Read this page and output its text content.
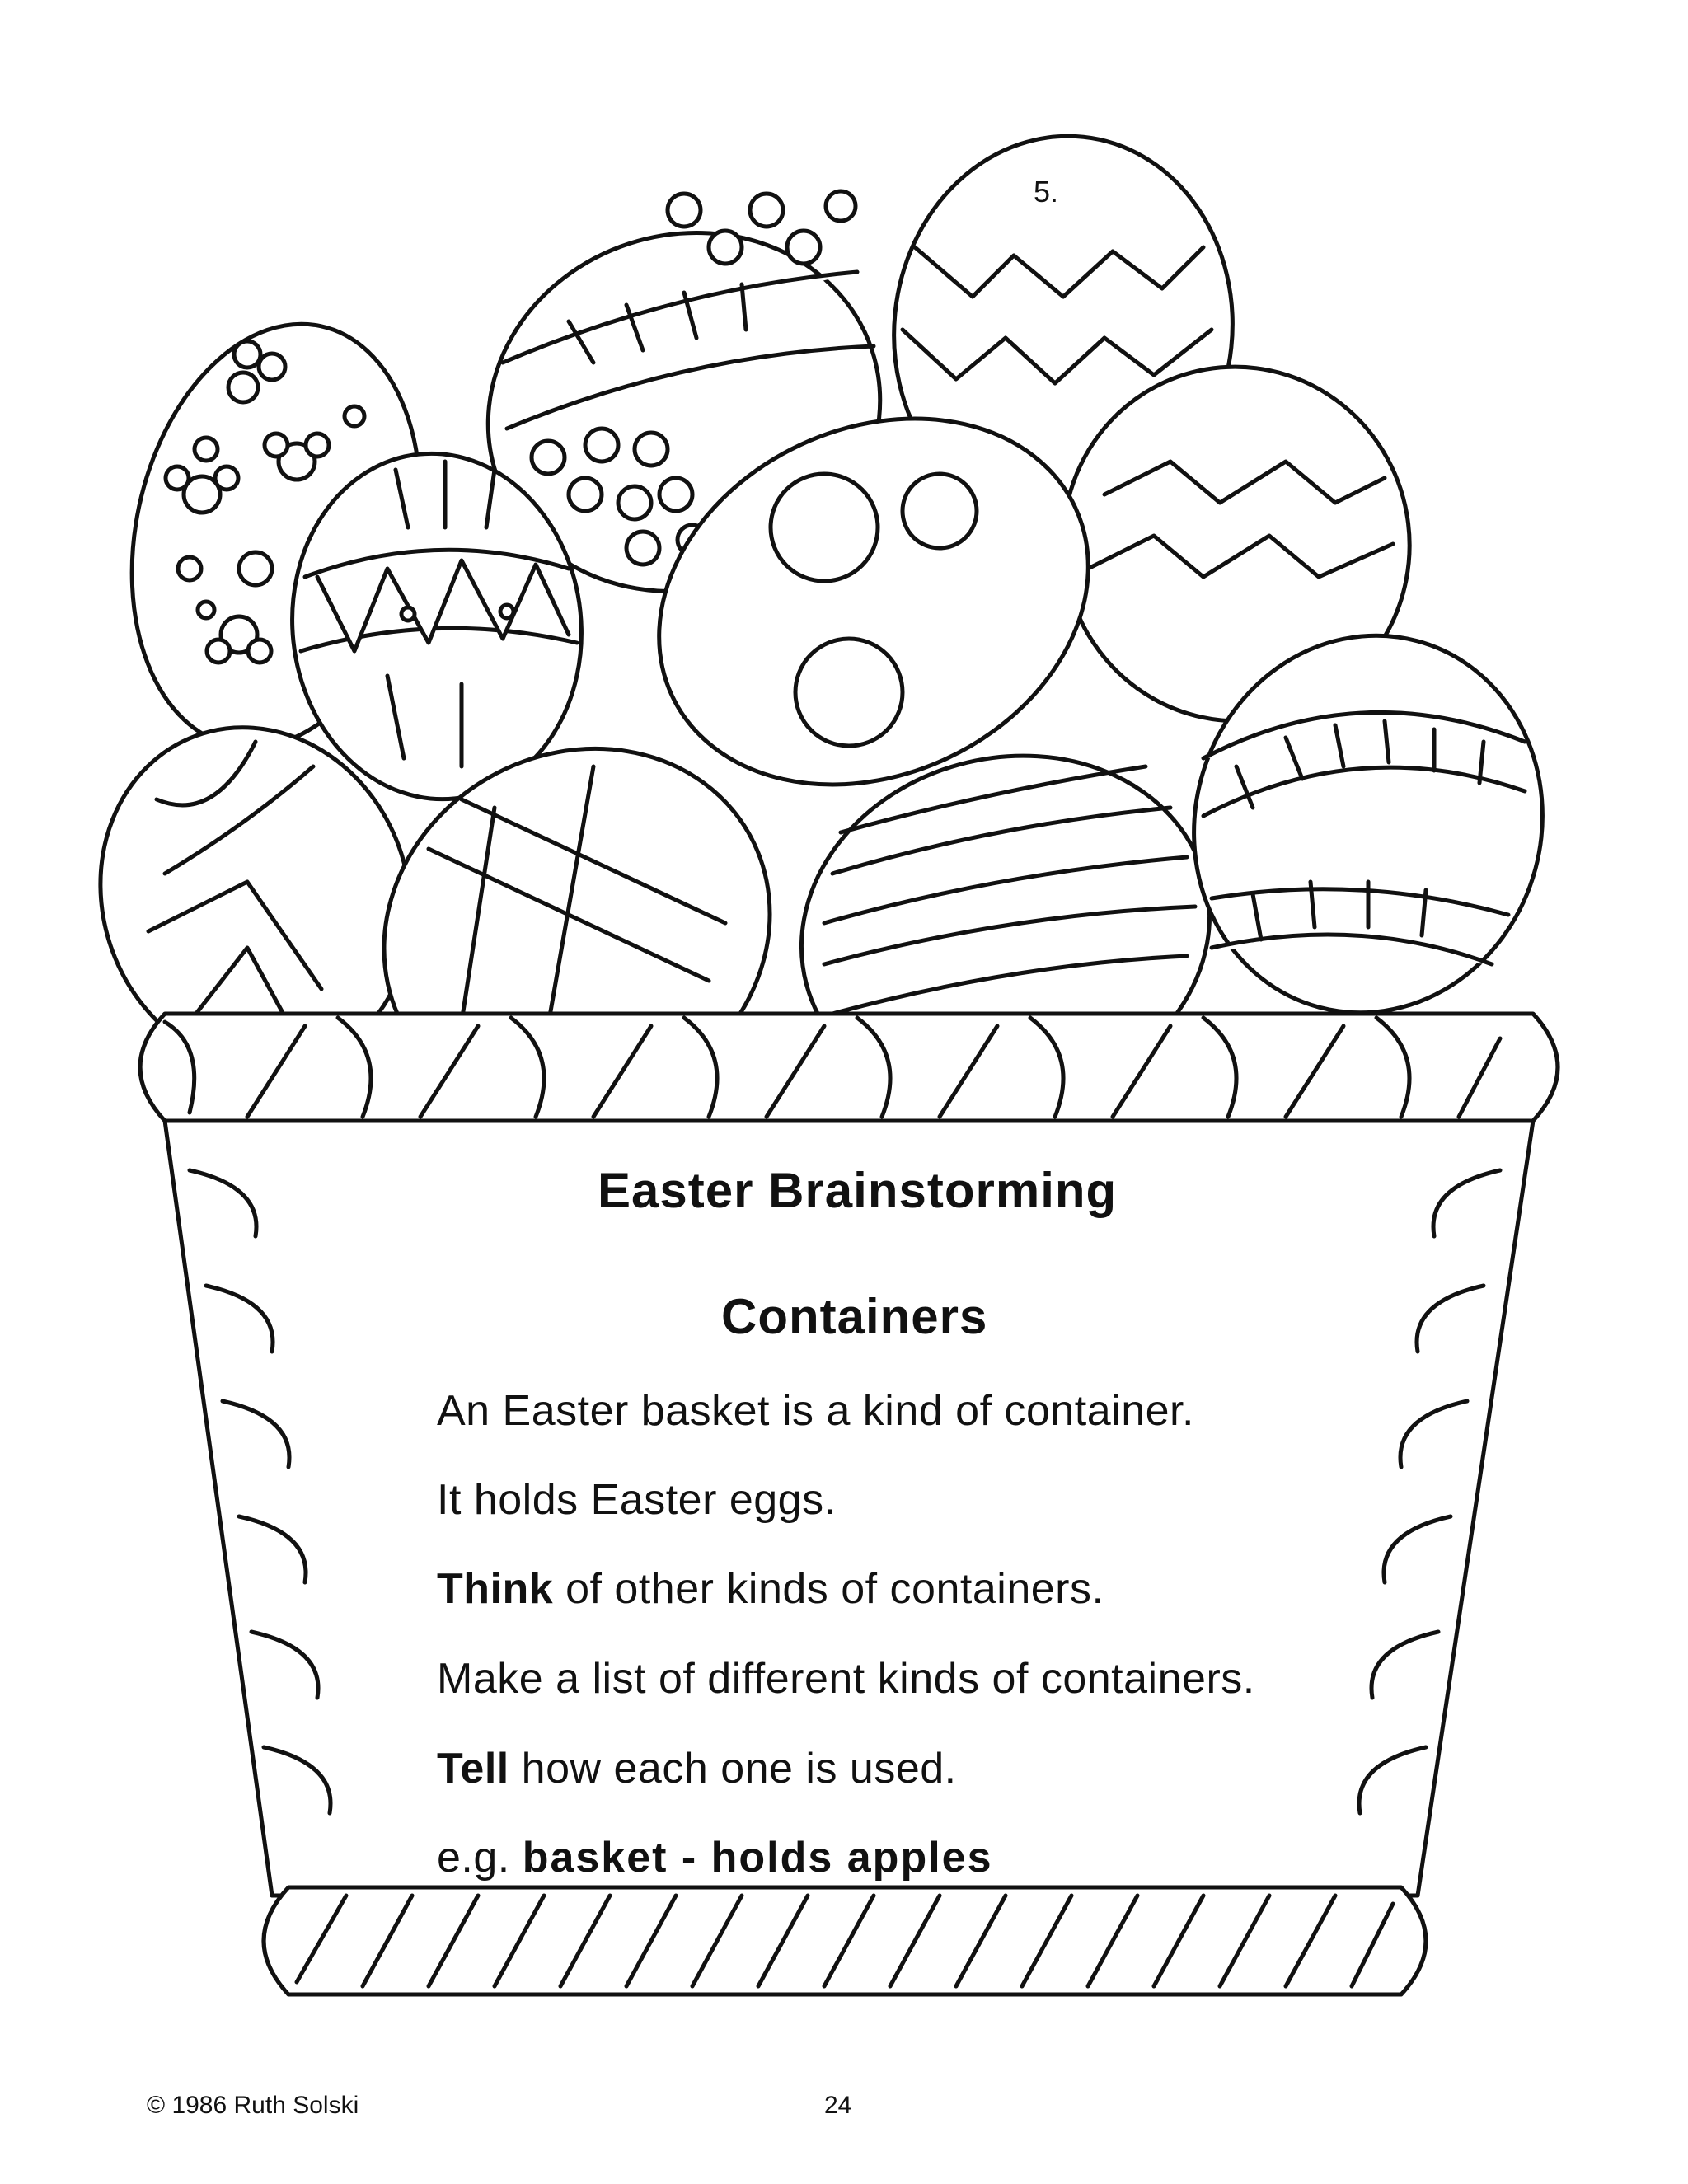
5.
Easter Brainstorming
Containers
An Easter basket is a kind of container.
It holds Easter eggs.
Think of other kinds of containers.
Make a list of different kinds of containers.
Tell how each one is used.
e.g. basket - holds apples
© 1986 Ruth Solski	24
